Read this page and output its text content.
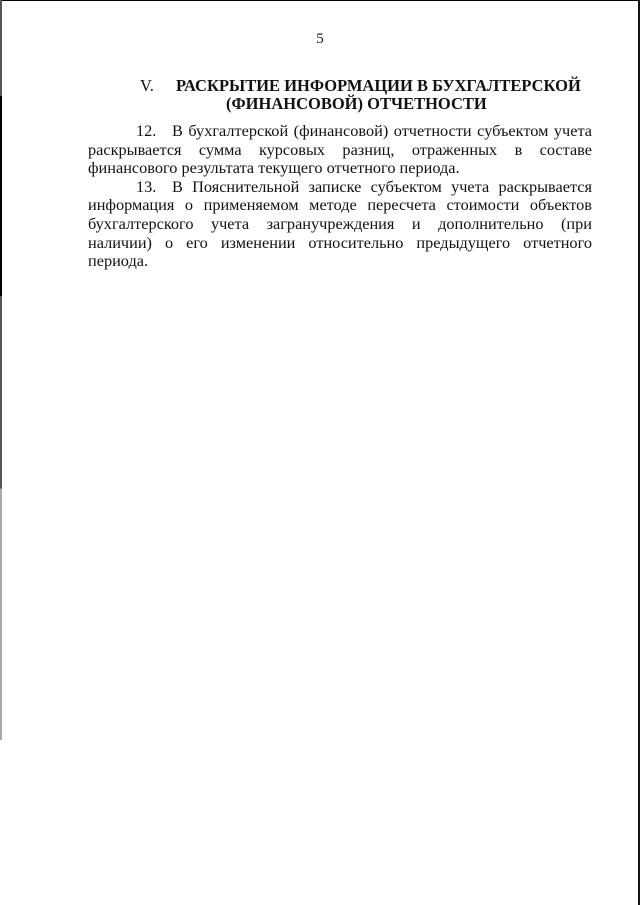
5
V. РАСКРЫТИЕ ИНФОРМАЦИИ В БУХГАЛТЕРСКОЙ
(ФИНАНСОВОЙ) ОТЧЕТНОСТИ

12. В бухгалтерской (финансовой) отчетности субъектом учета раскрывается сумма курсовых разниц, отраженных в составе финансового результата текущего отчетного периода.

13. В Пояснительной записке субъектом учета раскрывается информация о применяемом методе пересчета стоимости объектов бухгалтерского учета загранучреждения и дополнительно (при наличии) о его изменении относительно предыдущего отчетного периода.
